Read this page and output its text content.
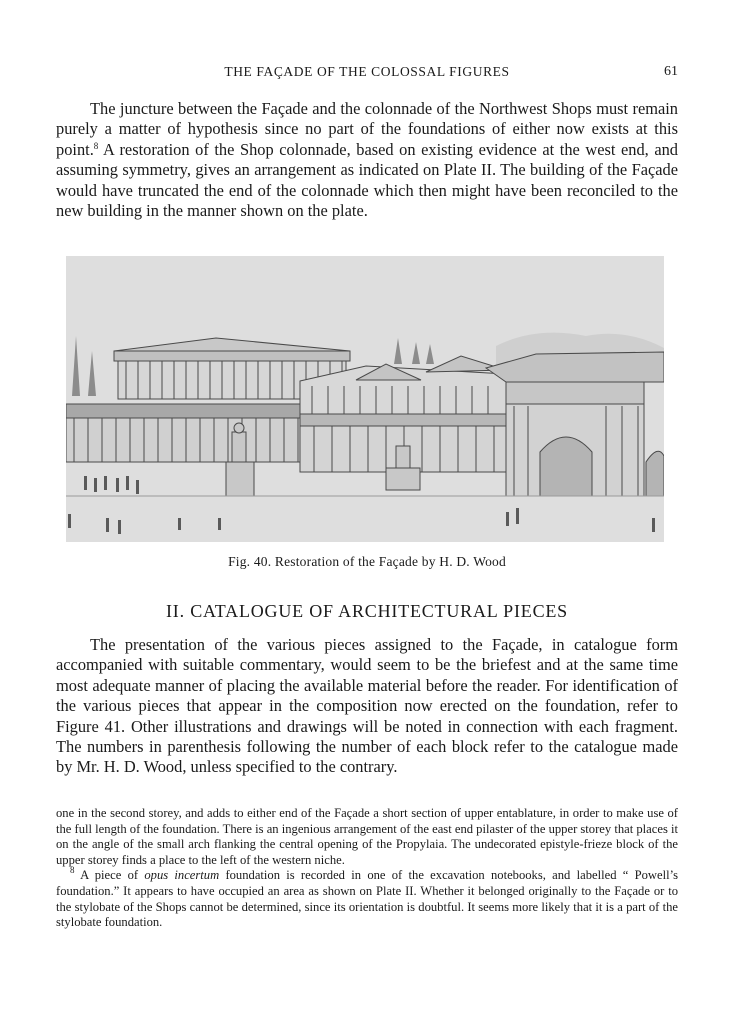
THE FAÇADE OF THE COLOSSAL FIGURES	61

The juncture between the Façade and the colonnade of the Northwest Shops must remain purely a matter of hypothesis since no part of the foundations of either now exists at this point.$^8$ A restoration of the Shop colonnade, based on existing evidence at the west end, and assuming symmetry, gives an arrangement as indicated on Plate II. The building of the Façade would have truncated the end of the colonnade which then might have been reconciled to the new building in the manner shown on the plate.

Fig. 40. Restoration of the Façade by H. D. Wood
II. CATALOGUE OF ARCHITECTURAL PIECES

The presentation of the various pieces assigned to the Façade, in catalogue form accompanied with suitable commentary, would seem to be the briefest and at the same time most adequate manner of placing the available material before the reader. For identification of the various pieces that appear in the composition now erected on the foundation, refer to Figure 41. Other illustrations and drawings will be noted in connection with each fragment. The numbers in parenthesis following the number of each block refer to the catalogue made by Mr. H. D. Wood, unless specified to the contrary.

one in the second storey, and adds to either end of the Façade a short section of upper entablature, in order to make use of the full length of the foundation. There is an ingenious arrangement of the east end pilaster of the upper storey that places it on the angle of the small arch flanking the central opening of the Propylaia. The undecorated epistyle-frieze block of the upper storey finds a place to the left of the western niche.

$^8$ A piece of opus incertum foundation is recorded in one of the excavation notebooks, and labelled “ Powell’s foundation.” It appears to have occupied an area as shown on Plate II. Whether it belonged originally to the Façade or to the stylobate of the Shops cannot be determined, since its orientation is doubtful. It seems more likely that it is a part of the stylobate foundation.
